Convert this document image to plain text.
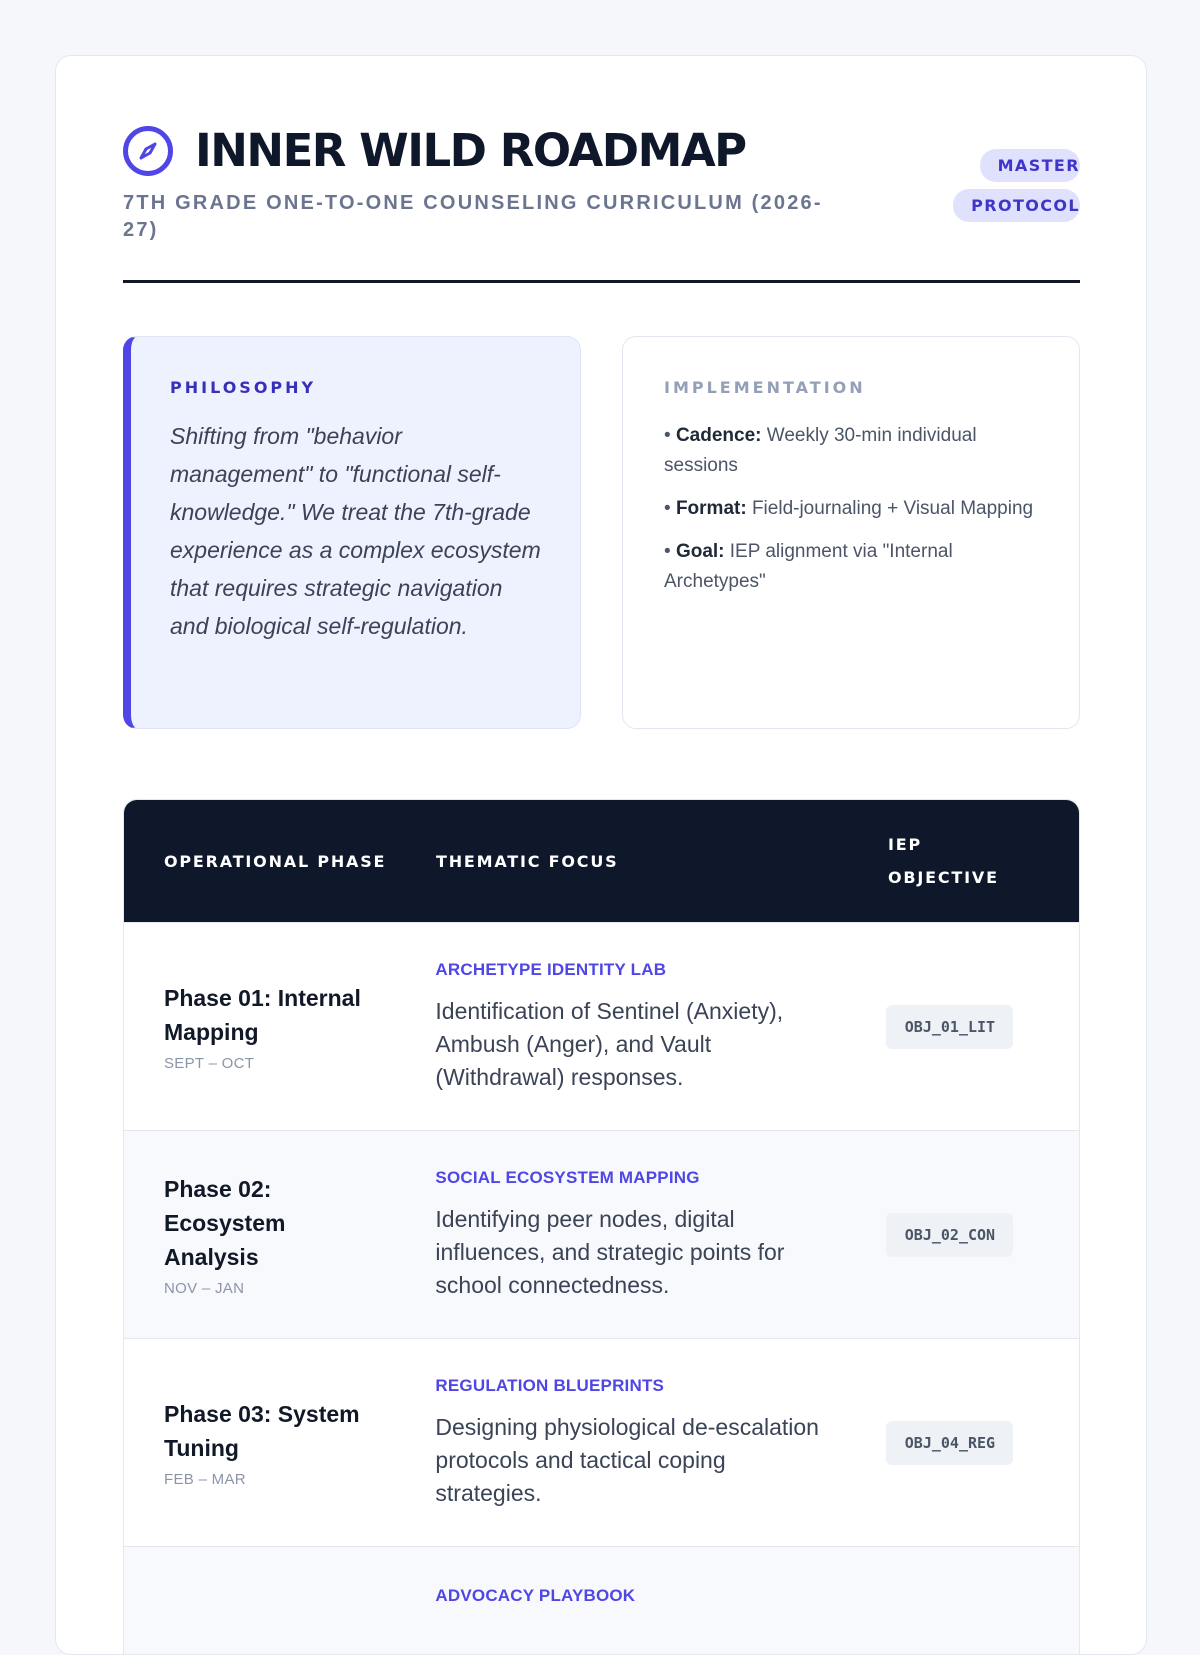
INNER WILD ROADMAP
7TH GRADE ONE-TO-ONE COUNSELING CURRICULUM (2026-27)
MASTER PROTOCOL
PHILOSOPHY
Shifting from "behavior management" to "functional self-knowledge." We treat the 7th-grade experience as a complex ecosystem that requires strategic navigation and biological self-regulation.
IMPLEMENTATION
• Cadence: Weekly 30-min individual sessions
• Format: Field-journaling + Visual Mapping
• Goal: IEP alignment via "Internal Archetypes"
OPERATIONAL PHASE	THEMATIC FOCUS
IEP OBJECTIVE
Phase 01: Internal Mapping
SEPT – OCT
ARCHETYPE IDENTITY LAB
Identification of Sentinel (Anxiety), Ambush (Anger), and Vault (Withdrawal) responses.
OBJ_01_LIT
Phase 02: Ecosystem Analysis
NOV – JAN
SOCIAL ECOSYSTEM MAPPING
Identifying peer nodes, digital influences, and strategic points for school connectedness.
OBJ_02_CON
Phase 03: System Tuning
FEB – MAR
REGULATION BLUEPRINTS
Designing physiological de-escalation protocols and tactical coping strategies.
OBJ_04_REG
ADVOCACY PLAYBOOK
